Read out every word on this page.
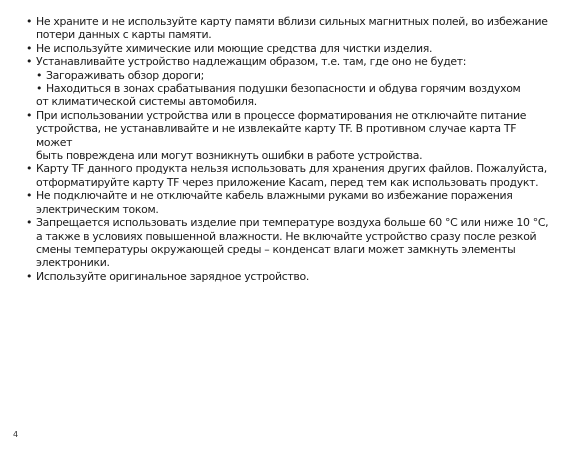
• Не храните и не используйте карту памяти вблизи сильных магнитных полей, во избежание
потери данных с карты памяти.
• Не используйте химические или моющие средства для чистки изделия.
• Устанавливайте устройство надлежащим образом, т.е. там, где оно не будет:
• Загораживать обзор дороги;
• Находиться в зонах срабатывания подушки безопасности и обдува горячим воздухом
от климатической системы автомобиля.
• При использовании устройства или в процессе форматирования не отключайте питание
устройства, не устанавливайте и не извлекайте карту TF. В противном случае карта TF может
быть повреждена или могут возникнуть ошибки в работе устройства.
• Карту TF данного продукта нельзя использовать для хранения других файлов. Пожалуйста,
отформатируйте карту TF через приложение Kacam, перед тем как использовать продукт.
• Не подключайте и не отключайте кабель влажными руками во избежание поражения
электрическим током.
• Запрещается использовать изделие при температуре воздуха больше 60 °С или ниже 10 °С,
а также в условиях повышенной влажности. Не включайте устройство сразу после резкой
смены температуры окружающей среды – конденсат влаги может замкнуть элементы
электроники.
• Используйте оригинальное зарядное устройство.
4
